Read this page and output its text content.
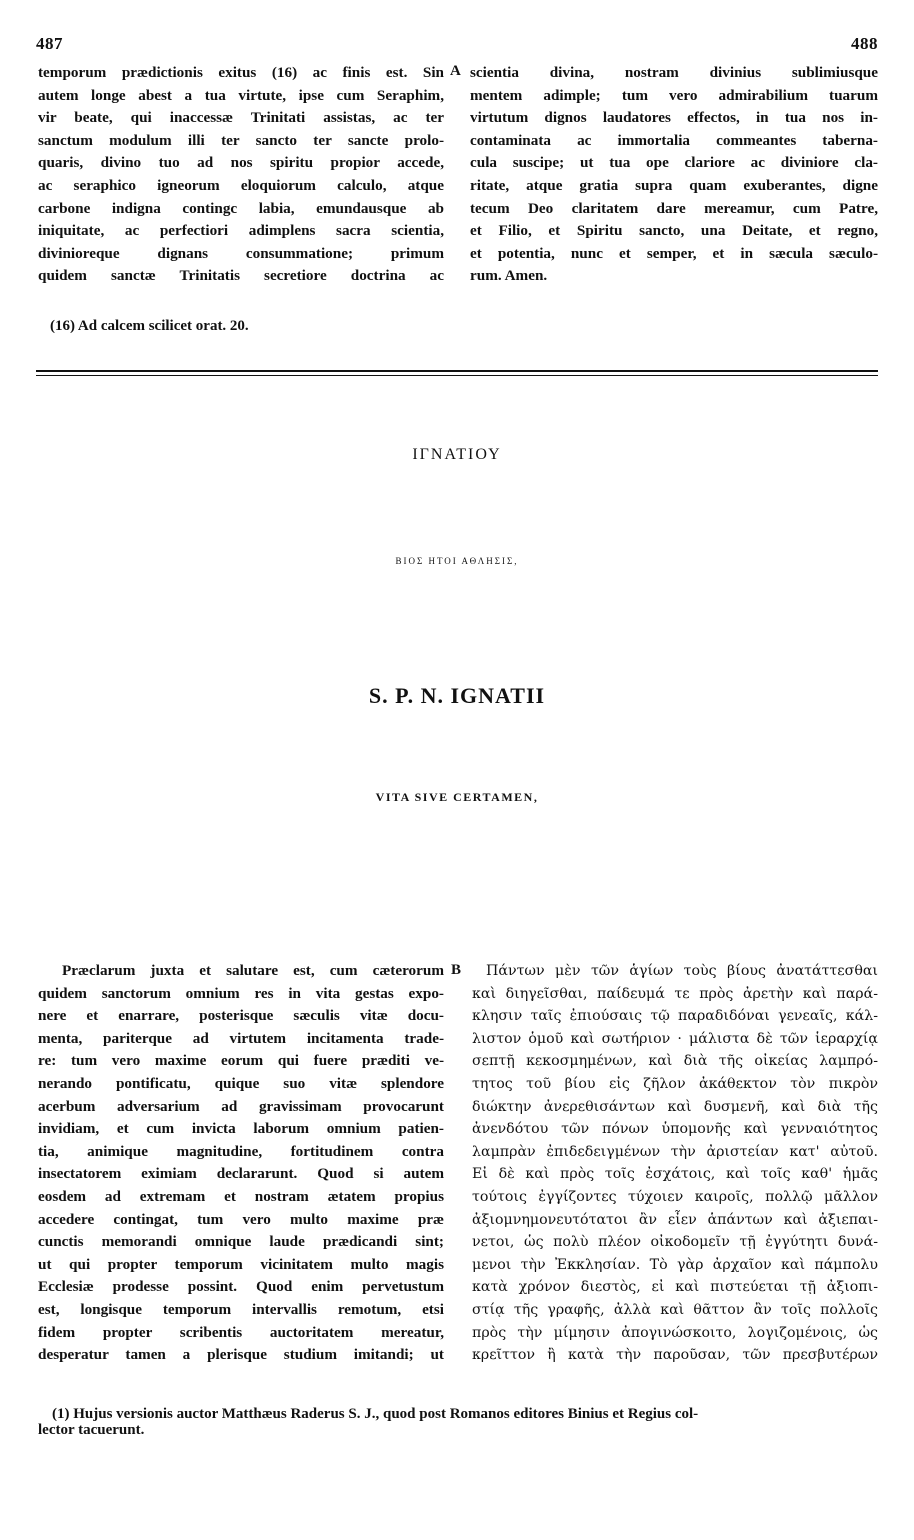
487	488
temporum prædictionis exitus (16) ac finis est. Sin
autem longe abest a tua virtute, ipse cum Seraphim,
vir beate, qui inaccessæ Trinitati assistas, ac ter
sanctum modulum illi ter sancto ter sancte prolo-
quaris, divino tuo ad nos spiritu propior accede,
ac seraphico igneorum eloquiorum calculo, atque
carbone indigna contingc labia, emundausque ab
iniquitate, ac perfectiori adimplens sacra scientia,
divinioreque dignans consummatione; primum
quidem sanctæ Trinitatis secretiore doctrina ac
A scientia divina, nostram divinius sublimiusque
mentem adimple; tum vero admirabilium tuarum
virtutum dignos laudatores effectos, in tua nos in-
contaminata ac immortalia commeantes taberna-
cula suscipe; ut tua ope clariore ac diviniore cla-
ritate, atque gratia supra quam exuberantes, digne
tecum Deo claritatem dare mereamur, cum Patre,
et Filio, et Spiritu sancto, una Deitate, et regno,
et potentia, nunc et semper, et in sæcula sæculo-
rum. Amen.
(16) Ad calcem scilicet orat. 20.
ΙΓΝΑΤΙΟΥ
ΒΙΟΣ ΗΤΟΙ ΑΘΛΗΣΙΣ,
S. P. N. IGNATII
VITA SIVE CERTAMEN,
Præclarum juxta et salutare est, cum cæterorum
quidem sanctorum omnium res in vita gestas expo-
nere et enarrare, posterisque sæculis vitæ docu-
menta, pariterque ad virtutem incitamenta trade-
re: tum vero maxime eorum qui fuere præditi ve-
nerando pontificatu, quique suo vitæ splendore
acerbum adversarium ad gravissimam provocarunt
invidiam, et cum invicta laborum omnium patien-
tia, animique magnitudine, fortitudinem contra
insectatorem eximiam declararunt. Quod si autem
eosdem ad extremam et nostram ætatem propius
accedere contingat, tum vero multo maxime præ
cunctis memorandi omnique laude prædicandi sint;
ut qui propter temporum vicinitatem multo magis
Ecclesiæ prodesse possint. Quod enim pervetustum
est, longisque temporum intervallis remotum, etsi
fidem propter scribentis auctoritatem mereatur,
desperatur tamen a plerisque studium imitandi; ut
B	Πάντων μὲν τῶν ἁγίων τοὺς βίους ἀνατάττεσθαι
καὶ διηγεῖσθαι, παίδευμά τε πρὸς ἀρετὴν καὶ παρά-
κλησιν ταῖς ἐπιούσαις τῷ παραδιδόναι γενεαῖς, κάλ-
λιστον ὁμοῦ καὶ σωτήριον · μάλιστα δὲ τῶν ἱεραρχίᾳ
σεπτῇ κεκοσμημένων, καὶ διὰ τῆς οἰκείας λαμπρό-
τητος τοῦ βίου εἰς ζῆλον ἀκάθεκτον τὸν πικρὸν
διώκτην ἀνερεθισάντων καὶ δυσμενῆ, καὶ διὰ τῆς
ἀνενδότου τῶν πόνων ὑπομονῆς καὶ γενναιότητος
λαμπρὰν ἐπιδεδειγμένων τὴν ἀριστείαν κατ' αὐτοῦ.
Εἰ δὲ καὶ πρὸς τοῖς ἐσχάτοις, καὶ τοῖς καθ' ἡμᾶς
τούτοις ἐγγίζοντες τύχοιεν καιροῖς, πολλῷ μᾶλλον
ἀξιομνημονευτότατοι ἂν εἶεν ἁπάντων καὶ ἀξιεπαι-
νετοι, ὡς πολὺ πλέον οἰκοδομεῖν τῇ ἐγγύτητι δυνά-
μενοι τὴν Ἐκκλησίαν. Τὸ γὰρ ἀρχαῖον καὶ πάμπολυ
κατὰ χρόνον διεστὸς, εἰ καὶ πιστεύεται τῇ ἀξιοπι-
στίᾳ τῆς γραφῆς, ἀλλὰ καὶ θᾶττον ἂν τοῖς πολλοῖς
πρὸς τὴν μίμησιν ἀπογινώσκοιτο, λογιζομένοις, ὡς
κρεῖττον ἢ κατὰ τὴν παροῦσαν, τῶν πρεσβυτέρων
(1) Hujus versionis auctor Matthæus Raderus S. J., quod post Romanos editores Binius et Regius col-
lector tacuerunt.
